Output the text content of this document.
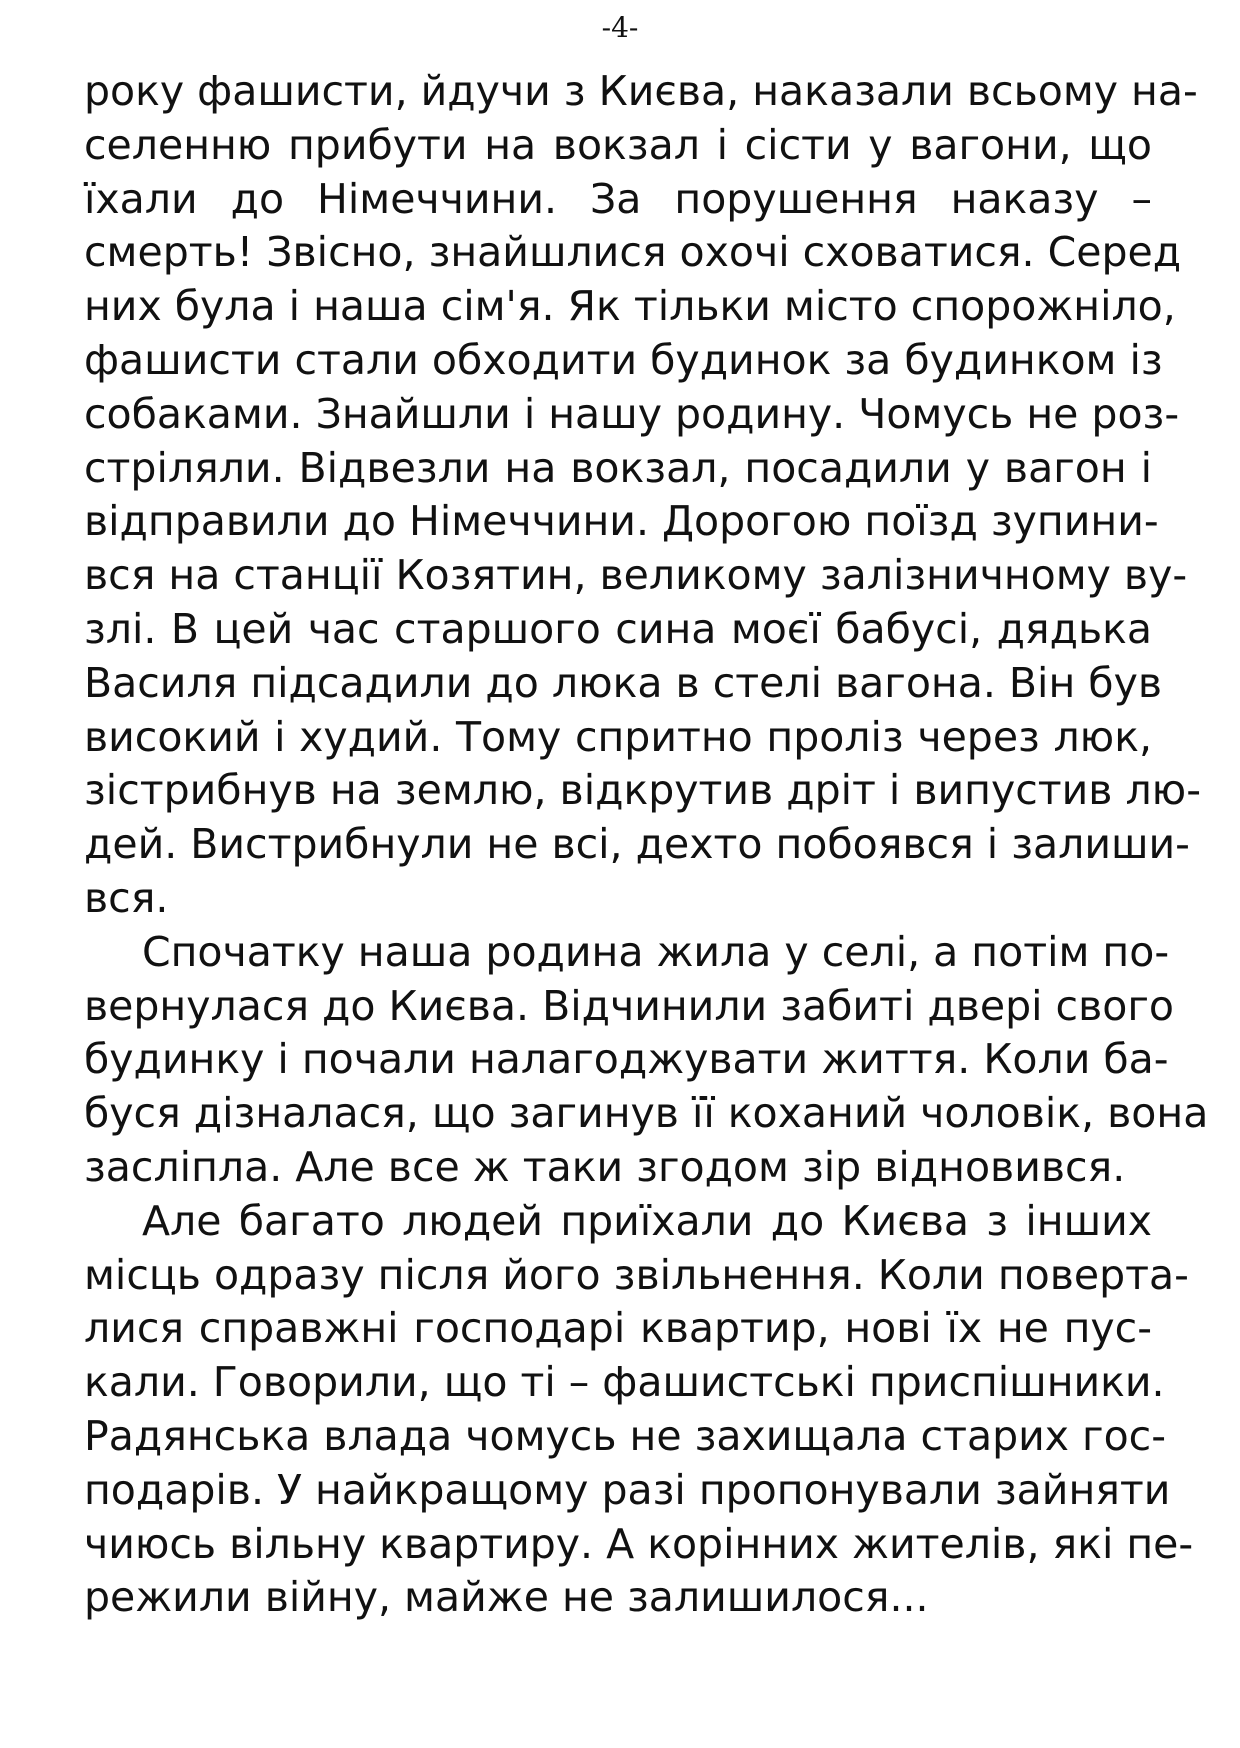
-4-
року фашисти, йдучи з Києва, наказали всьому на-
селенню прибути на вокзал і сісти у вагони, що
їхали до Німеччини. За порушення наказу –
смерть! Звісно, знайшлися охочі сховатися. Серед
них була і наша сім'я. Як тільки місто спорожніло,
фашисти стали обходити будинок за будинком із
собаками. Знайшли і нашу родину. Чомусь не роз-
стріляли. Відвезли на вокзал, посадили у вагон і
відправили до Німеччини. Дорогою поїзд зупини-
вся на станції Козятин, великому залізничному ву-
злі. В цей час старшого сина моєї бабусі, дядька
Василя підсадили до люка в стелі вагона. Він був
високий і худий. Тому спритно проліз через люк,
зістрибнув на землю, відкрутив дріт і випустив лю-
дей. Вистрибнули не всі, дехто побоявся і залиши-
вся.
Спочатку наша родина жила у селі, а потім по-
вернулася до Києва. Відчинили забиті двері свого
будинку і почали налагоджувати життя. Коли ба-
буся дізналася, що загинув її коханий чоловік, вона
засліпла. Але все ж таки згодом зір відновився.
Але багато людей приїхали до Києва з інших
місць одразу після його звільнення. Коли поверта-
лися справжні господарі квартир, нові їх не пус-
кали. Говорили, що ті – фашистські приспішники.
Радянська влада чомусь не захищала старих гос-
подарів. У найкращому разі пропонували зайняти
чиюсь вільну квартиру. А корінних жителів, які пе-
режили війну, майже не залишилося...
